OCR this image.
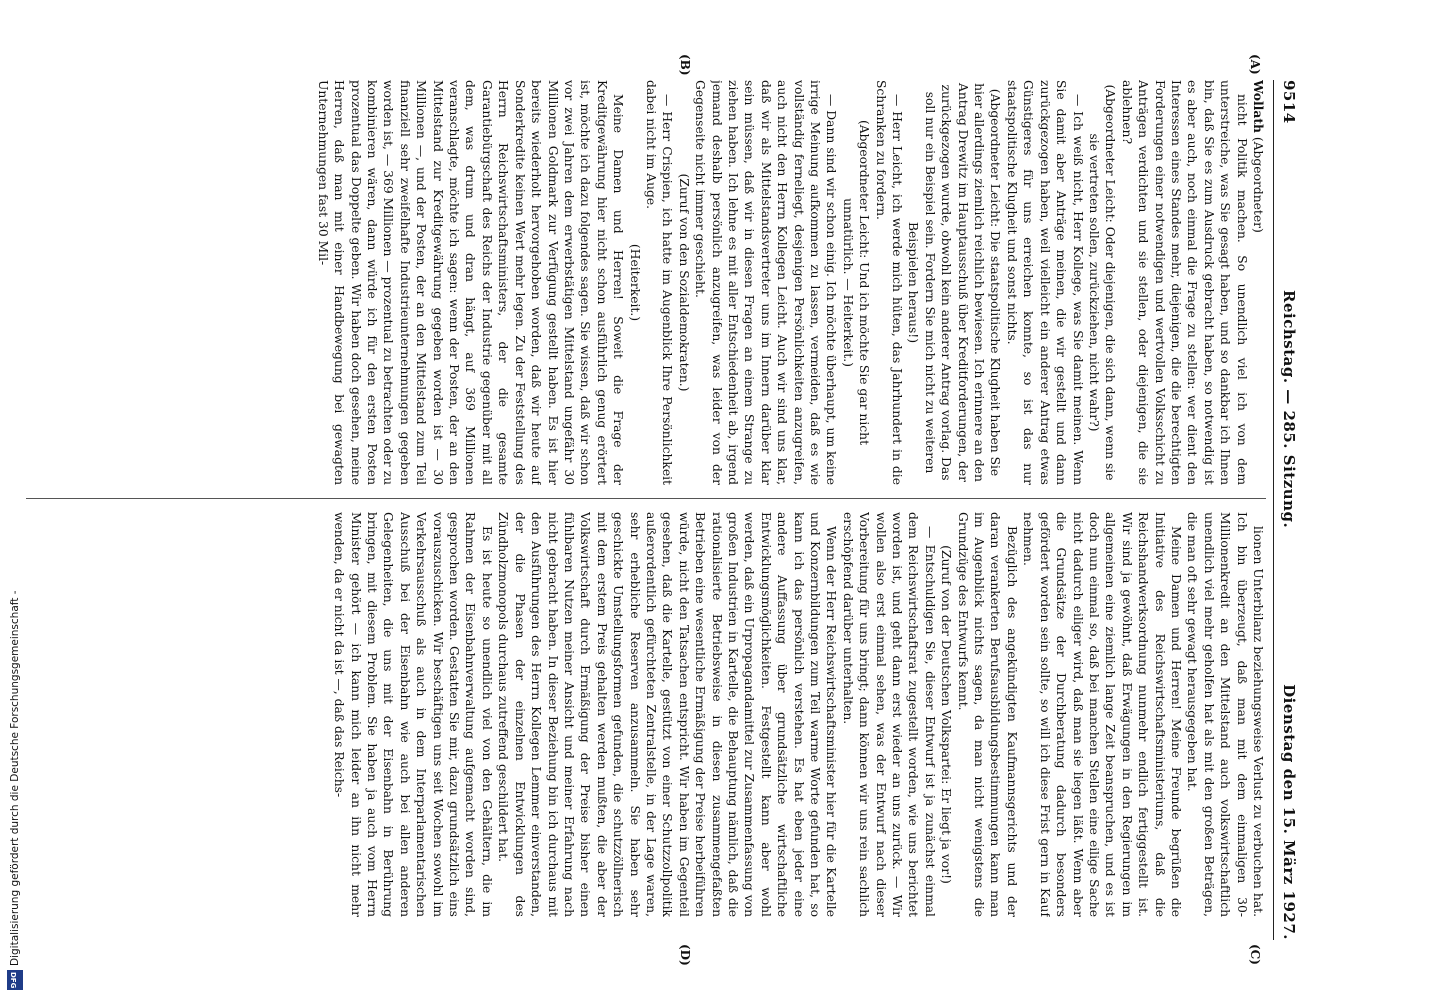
9514
Reichstag. — 285. Sitzung.
Dienstag den 15. März 1927.

Wollath (Abgeordneter)

nicht Politik machen. So unendlich viel ich von dem unterstreiche, was Sie gesagt haben, und so dankbar ich Ihnen bin, daß Sie es zum Ausdruck gebracht haben, so notwendig ist es aber auch, noch einmal die Frage zu stellen: wer dient den Interessen eines Standes mehr, diejenigen, die die berechtigten Forderungen einer notwendigen und wertvollen Volksschicht zu Anträgen verdichten und sie stellen, oder diejenigen, die sie ablehnen?

(Abgeordneter Leicht: Oder diejenigen, die sich dann, wenn sie sie vertreten sollen, zurückziehen, nicht wahr?)

— Ich weiß nicht, Herr Kollege, was Sie damit meinen. Wenn Sie damit aber Anträge meinen, die wir gestellt und dann zurückgezogen haben, weil vielleicht ein anderer Antrag etwas Günstigeres für uns erreichen konnte, so ist das nur staatspolitische Klugheit und sonst nichts.

(Abgeordneter Leicht: Die staatspolitische Klugheit haben Sie hier allerdings ziemlich reichlich bewiesen. Ich erinnere an den Antrag Drewitz im Hauptausschuß über Kreditforderungen, der zurückgezogen wurde, obwohl kein anderer Antrag vorlag. Das soll nur ein Beispiel sein. Fordern Sie mich nicht zu weiteren Beispielen heraus!)

— Herr Leicht, ich werde mich hüten, das Jahrhundert in die Schranken zu fordern.

(Abgeordneter Leicht: Und ich möchte Sie gar nicht unnatürlich. — Heiterkeit.)

— Dann sind wir schon einig. Ich möchte überhaupt, um keine irrige Meinung aufkommen zu lassen, vermeiden, daß es wie vollständig ferneliegt, desjenigen Persönlichkeiten anzugreifen, auch nicht den Herrn Kollegen Leicht. Auch wir sind uns klar, daß wir als Mittelstandsvertreter uns im Innern darüber klar sein müssen, daß wir in diesen Fragen an einem Strange zu ziehen haben. Ich lehne es mit aller Entschiedenheit ab, irgend jemand deshalb persönlich anzugreifen, was leider von der Gegenseite nicht immer geschieht.

(Zuruf von den Sozialdemokraten.)

— Herr Crispien, ich hatte im Augenblick Ihre Persönlichkeit dabei nicht im Auge.

(Heiterkeit.)

Meine Damen und Herren! Soweit die Frage der Kreditgewährung hier nicht schon ausführlich genug erörtert ist, möchte ich dazu folgendes sagen. Sie wissen, daß wir schon vor zwei Jahren dem erwerbstätigen Mittelstand ungefähr 30 Millionen Goldmark zur Verfügung gestellt haben. Es ist hier bereits wiederholt hervorgehoben worden, daß wir heute auf Sonderkredite keinen Wert mehr legen. Zu der Feststellung des Herrn Reichswirtschaftsministers, der die gesamte Garantiebürgschaft des Reichs der Industrie gegenüber mit all dem, was drum und dran hängt, auf 369 Millionen veranschlagte, möchte ich sagen: wenn der Posten, der an den Mittelstand zur Kreditgewährung gegeben worden ist — 30 Millionen —, und der Posten, der an den Mittelstand zum Teil finanziell sehr zweifelhafte Industrieunternehmungen gegeben worden ist, — 369 Millionen — prozentual zu betrachten oder zu kombinieren wären, dann würde ich für den ersten Posten prozentual das Doppelte geben. Wir haben doch gesehen, meine Herren, daß man mit einer Handbewegung bei gewagten Unternehmungen fast 30 Mil-

lionen Unterbilanz beziehungsweise Verlust zu verbuchen hat. Ich bin überzeugt, daß man mit dem einmaligen 30-Millionenkredit an den Mittelstand auch volkswirtschaftlich unendlich viel mehr geholfen hat als mit den großen Beträgen, die man oft sehr gewagt herausgegeben hat.

Meine Damen und Herren! Meine Freunde begrüßen die Initiative des Reichswirtschaftsministeriums, daß die Reichshandwerksordnung nunmehr endlich fertiggestellt ist. Wir sind ja gewöhnt, daß Erwägungen in den Regierungen im allgemeinen eine ziemlich lange Zeit beanspruchen, und es ist doch nun einmal so, daß bei manchen Stellen eine eilige Sache nicht dadurch eiliger wird, daß man sie liegen läßt. Wenn aber die Grundsätze der Durchberatung dadurch besonders gefördert worden sein sollte, so will ich diese Frist gern in Kauf nehmen.

Bezüglich des angekündigten Kaufmannsgerichts und der daran verankerten Berufsausbildungsbestimmungen kann man im Augenblick nichts sagen, da man nicht wenigstens die Grundzüge des Entwurfs kennt.

(Zuruf von der Deutschen Volkspartei: Er liegt ja vor!)

— Entschuldigen Sie, dieser Entwurf ist ja zunächst einmal dem Reichswirtschaftsrat zugestellt worden, wie uns berichtet worden ist, und geht dann erst wieder an uns zurück. — Wir wollen also erst einmal sehen, was der Entwurf nach dieser Vorbereitung für uns bringt; dann können wir uns rein sachlich erschöpfend darüber unterhalten.

Wenn der Herr Reichswirtschaftsminister hier für die Kartelle und Konzernbildungen zum Teil warme Worte gefunden hat, so kann ich das persönlich verstehen. Es hat eben jeder eine andere Auffassung über grundsätzliche wirtschaftliche Entwicklungsmöglichkeiten. Festgestellt kann aber wohl werden, daß ein Urpropagandamittel zur Zusammenfassung von großen Industrien in Kartelle, die Behauptung nämlich, daß die rationalisierte Betriebsweise in diesen zusammengefaßten Betrieben eine wesentliche Ermäßigung der Preise herbeiführen würde, nicht den Tatsachen entspricht. Wir haben im Gegenteil gesehen, daß die Kartelle, gestützt von einer Schutzzollpolitik außerordentlich gefürchteten Zentralstelle, in der Lage waren, sehr erhebliche Reserven anzusammeln. Sie haben sehr geschickte Umstellungsformen gefunden, die schutzzöllnerisch mit dem erstem Preis gehalten werden mußten, die aber der Volkswirtschaft durch Ermäßigung der Preise bisher einen fühlbaren Nutzen meiner Ansicht und meiner Erfahrung nach nicht gebracht haben. In dieser Beziehung bin ich durchaus mit den Ausführungen des Herrn Kollegen Lemmer einverstanden, der die Phasen der einzelnen Entwicklungen des Zündholzmonopols durchaus zutreffend geschildert hat.

Es ist heute so unendlich viel von den Gehältern, die im Rahmen der Eisenbahnverwaltung aufgemacht worden sind, gesprochen worden. Gestatten Sie mir, dazu grundsätzlich eins vorauszuschicken. Wir beschäftigen uns seit Wochen sowohl im Verkehrsausschuß als auch in dem Interparlamentarischen Ausschuß bei der Eisenbahn wie auch bei allen anderen Gelegenheiten, die uns mit der Eisenbahn in Berührung bringen, mit diesem Problem. Sie haben ja auch vom Herrn Minister gehört — ich kann mich leider an ihn nicht mehr wenden, da er nicht da ist —, daß das Reichs-

(A)
(B)
(C)
(D)
Digitalisierung gefördert durch die Deutsche Forschungsgemeinschaft -
DFG
